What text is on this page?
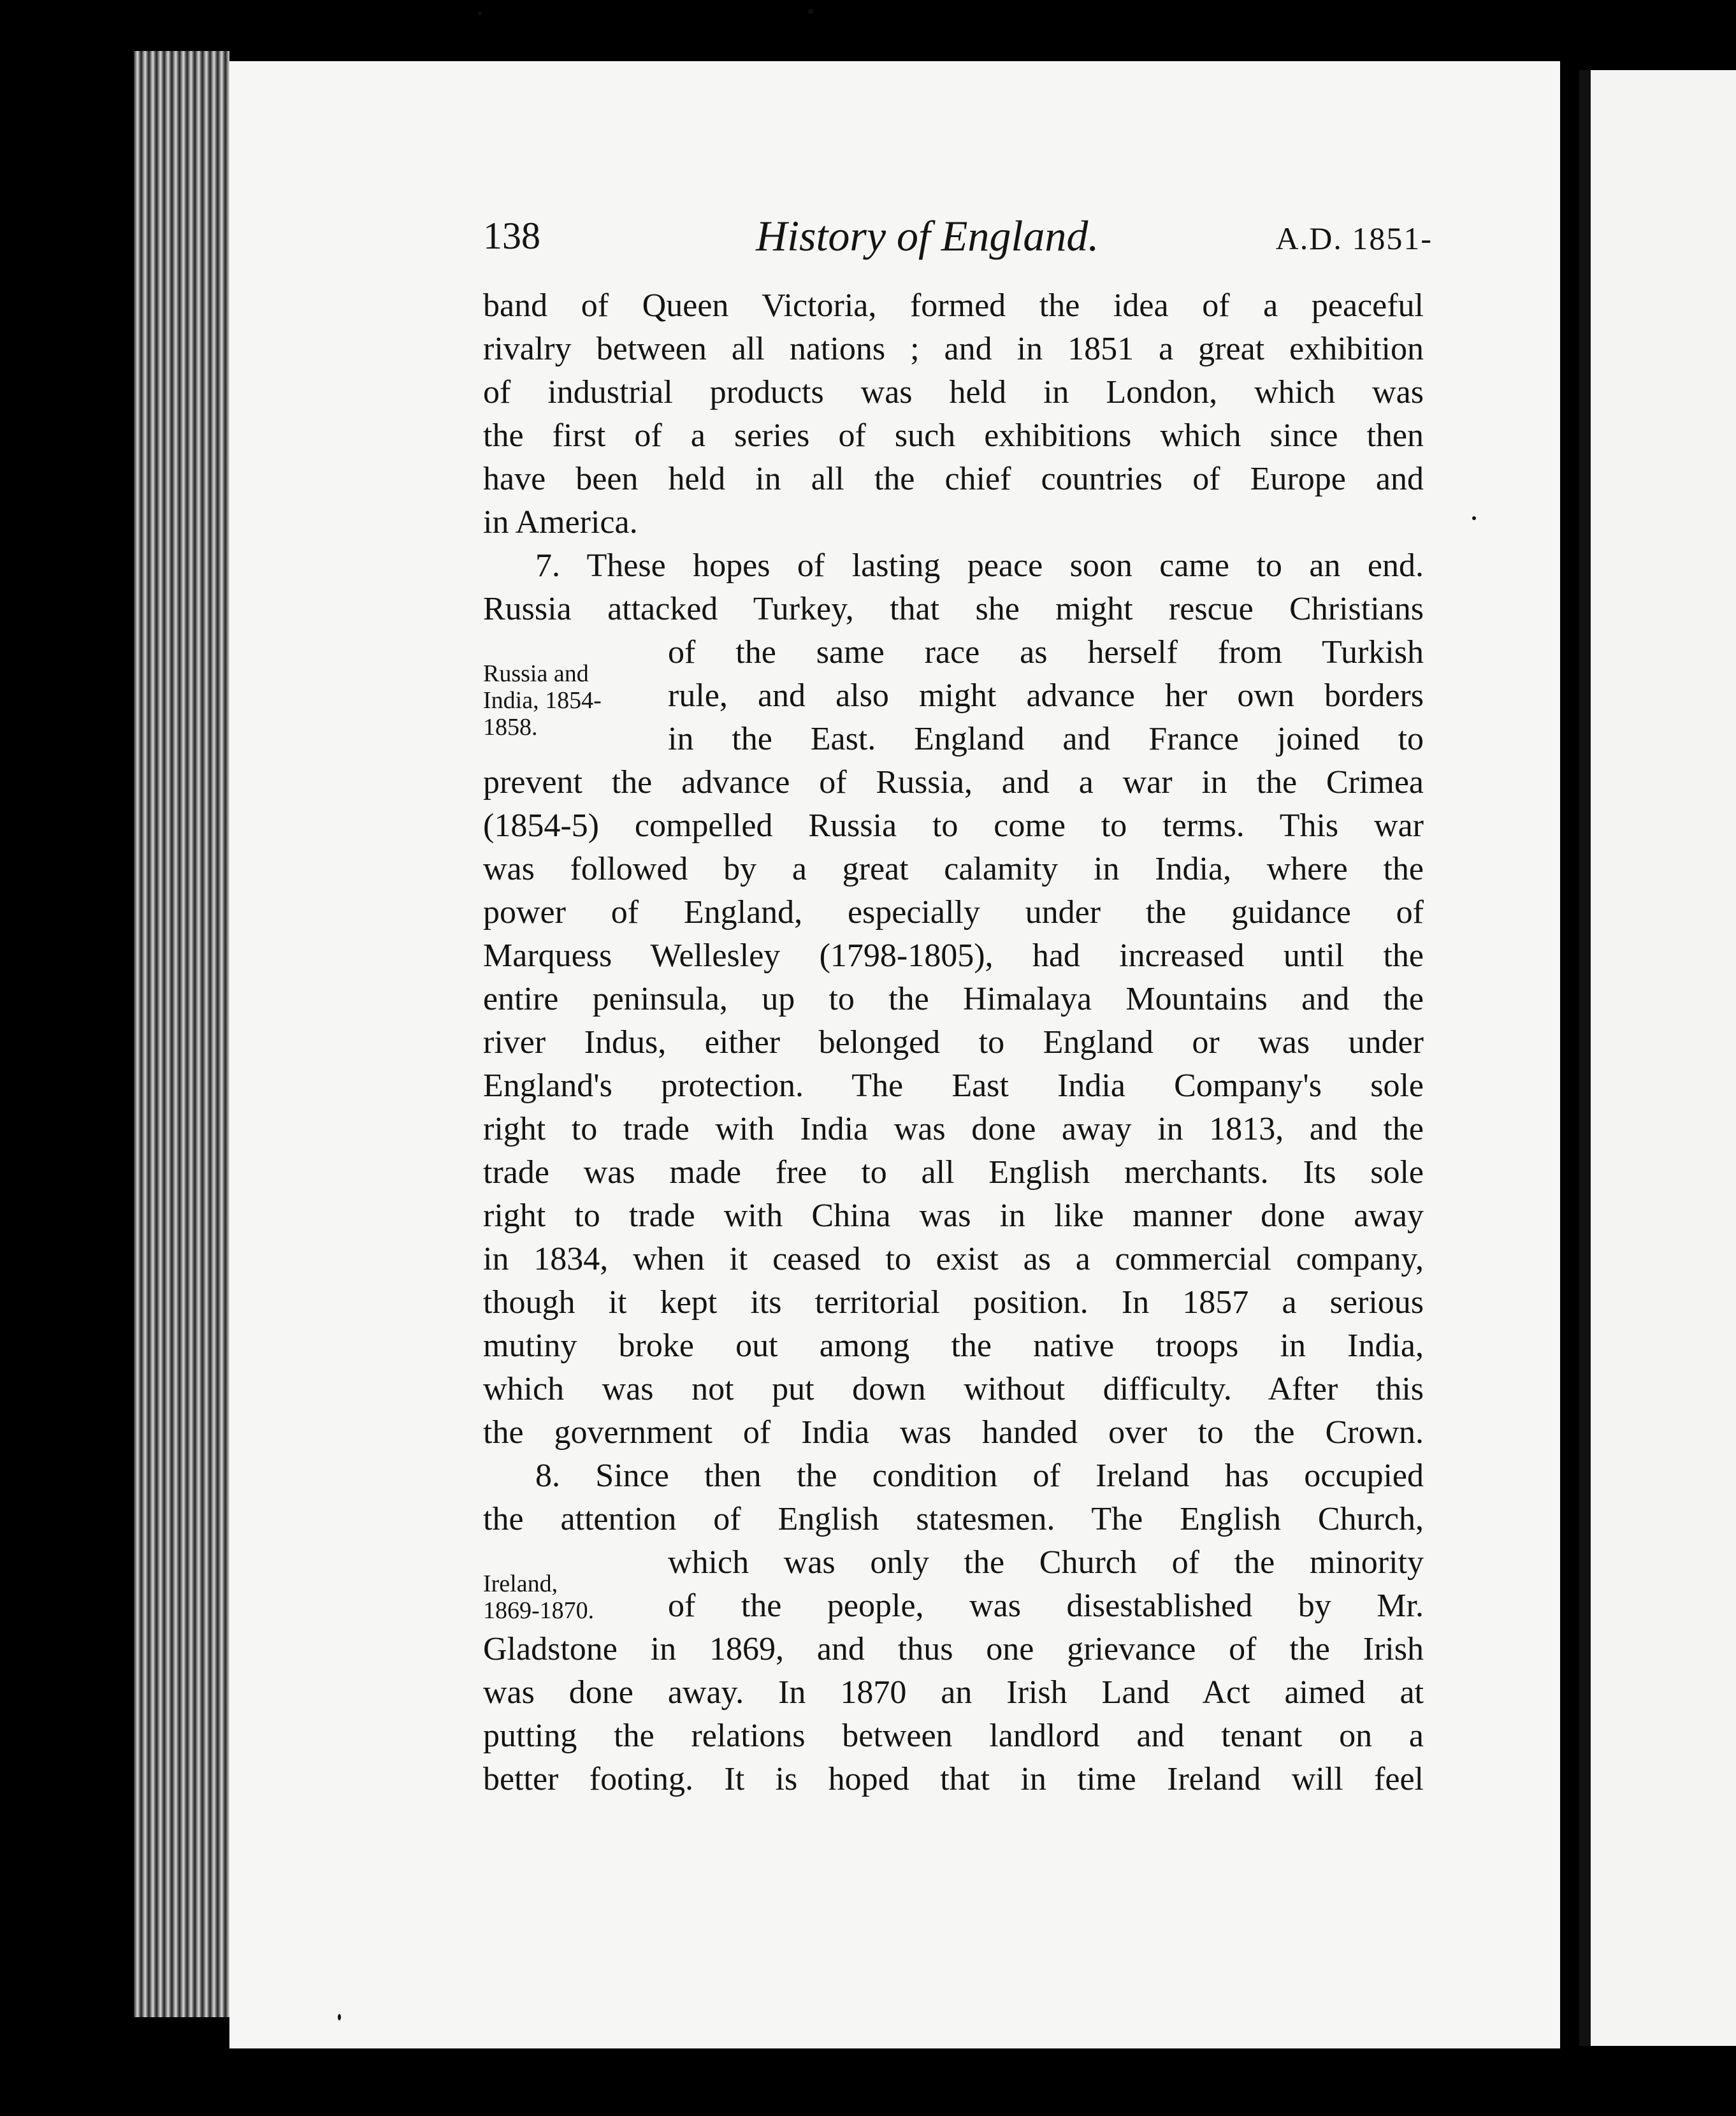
138	History of England.	A.D. 1851-
band of Queen Victoria, formed the idea of a peaceful
rivalry between all nations ; and in 1851 a great exhibition
of industrial products was held in London, which was
the first of a series of such exhibitions which since then
have been held in all the chief countries of Europe and
in America.
7. These hopes of lasting peace soon came to an end.
Russia attacked Turkey, that she might rescue Christians
of the same race as herself from Turkish
rule, and also might advance her own borders
in the East. England and France joined to
prevent the advance of Russia, and a war in the Crimea
(1854-5) compelled Russia to come to terms. This war
was followed by a great calamity in India, where the
power of England, especially under the guidance of
Marquess Wellesley (1798-1805), had increased until the
entire peninsula, up to the Himalaya Mountains and the
river Indus, either belonged to England or was under
England's protection. The East India Company's sole
right to trade with India was done away in 1813, and the
trade was made free to all English merchants. Its sole
right to trade with China was in like manner done away
in 1834, when it ceased to exist as a commercial company,
though it kept its territorial position. In 1857 a serious
mutiny broke out among the native troops in India,
which was not put down without difficulty. After this
the government of India was handed over to the Crown.
8. Since then the condition of Ireland has occupied
the attention of English statesmen. The English Church,
which was only the Church of the minority
of the people, was disestablished by Mr.
Gladstone in 1869, and thus one grievance of the Irish
was done away. In 1870 an Irish Land Act aimed at
putting the relations between landlord and tenant on a
better footing. It is hoped that in time Ireland will feel
Russia and
India, 1854-
1858.
Ireland,
1869-1870.
